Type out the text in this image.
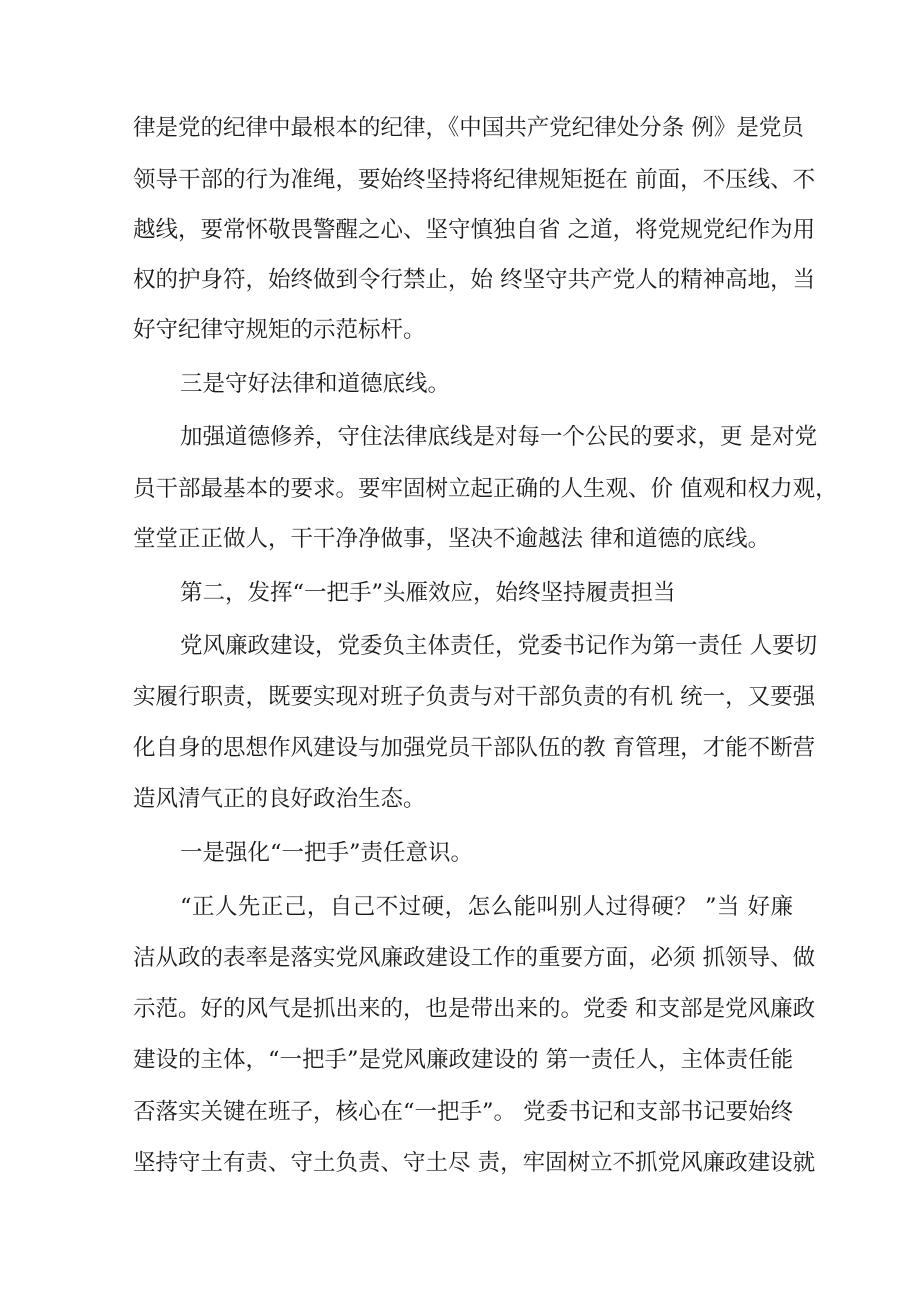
律是党的纪律中最根本的纪律，《中国共产党纪律处分条 例》是党员
领导干部的行为准绳，要始终坚持将纪律规矩挺在 前面，不压线、不
越线，要常怀敬畏警醒之心、坚守慎独自省 之道，将党规党纪作为用
权的护身符，始终做到令行禁止，始 终坚守共产党人的精神高地，当
好守纪律守规矩的示范标杆。
三是守好法律和道德底线。
加强道德修养，守住法律底线是对每一个公民的要求，更 是对党
员干部最基本的要求。要牢固树立起正确的人生观、价 值观和权力观，
堂堂正正做人，干干净净做事，坚决不逾越法 律和道德的底线。
第二，发挥“一把手”头雁效应，始终坚持履责担当
党风廉政建设，党委负主体责任，党委书记作为第一责任 人要切
实履行职责，既要实现对班子负责与对干部负责的有机 统一，又要强
化自身的思想作风建设与加强党员干部队伍的教 育管理，才能不断营
造风清气正的良好政治生态。
一是强化“一把手”责任意识。
“正人先正己，自己不过硬，怎么能叫别人过得硬？ ”当 好廉
洁从政的表率是落实党风廉政建设工作的重要方面，必须 抓领导、做
示范。好的风气是抓出来的，也是带出来的。党委 和支部是党风廉政
建设的主体，“一把手”是党风廉政建设的 第一责任人，主体责任能
否落实关键在班子，核心在“一把手”。 党委书记和支部书记要始终
坚持守土有责、守土负责、守土尽 责，牢固树立不抓党风廉政建设就
